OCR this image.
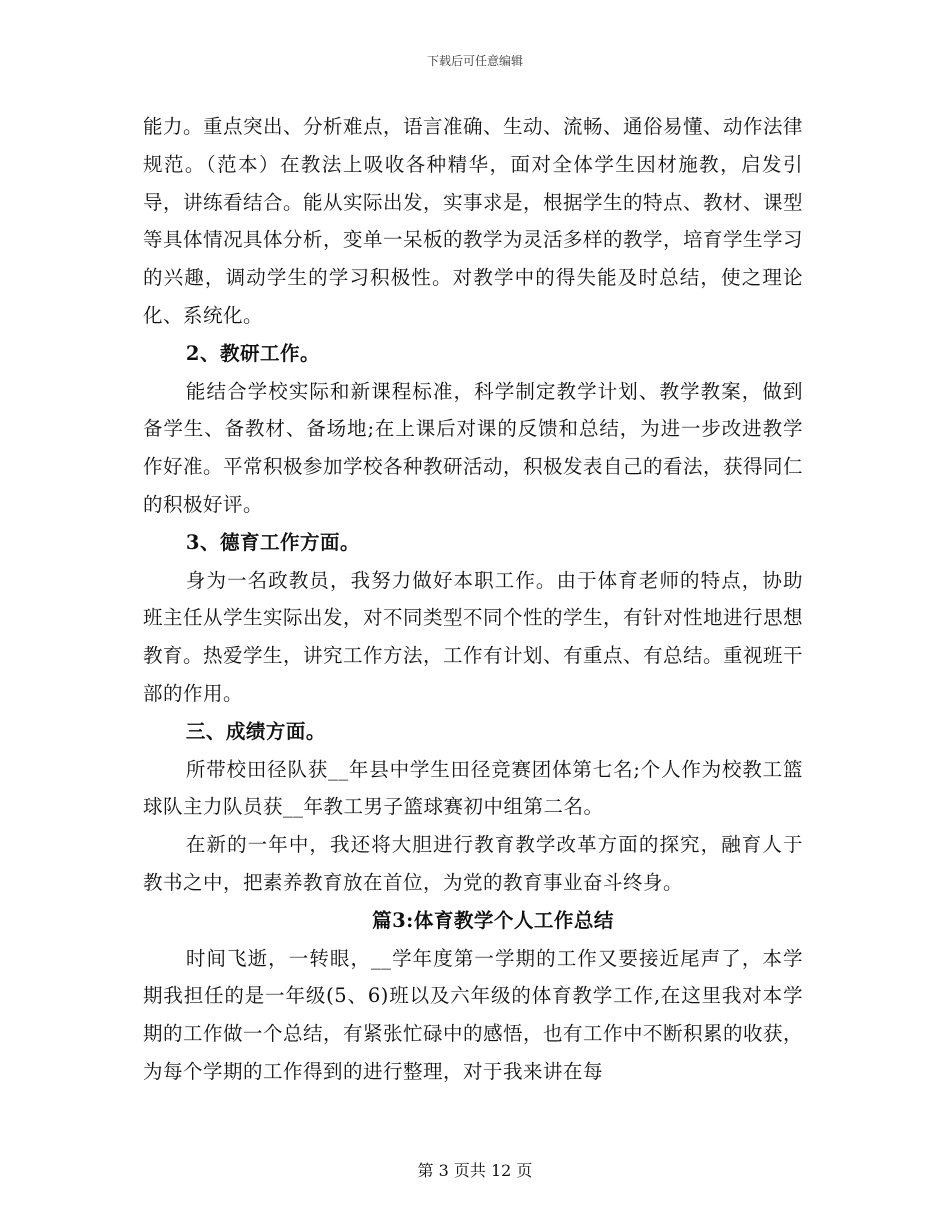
下载后可任意编辑

能力。重点突出、分析难点，语言准确、生动、流畅、通俗易懂、动作法律规范。（范本）在教法上吸收各种精华，面对全体学生因材施教，启发引导，讲练看结合。能从实际出发，实事求是，根据学生的特点、教材、课型等具体情况具体分析，变单一呆板的教学为灵活多样的教学，培育学生学习的兴趣，调动学生的学习积极性。对教学中的得失能及时总结，使之理论化、系统化。

2、教研工作。

能结合学校实际和新课程标准，科学制定教学计划、教学教案，做到备学生、备教材、备场地;在上课后对课的反馈和总结，为进一步改进教学作好准。平常积极参加学校各种教研活动，积极发表自己的看法，获得同仁的积极好评。

3、德育工作方面。

身为一名政教员，我努力做好本职工作。由于体育老师的特点，协助班主任从学生实际出发，对不同类型不同个性的学生，有针对性地进行思想教育。热爱学生，讲究工作方法，工作有计划、有重点、有总结。重视班干部的作用。

三、成绩方面。

所带校田径队获__年县中学生田径竞赛团体第七名;个人作为校教工篮球队主力队员获__年教工男子篮球赛初中组第二名。

在新的一年中，我还将大胆进行教育教学改革方面的探究，融育人于教书之中，把素养教育放在首位，为党的教育事业奋斗终身。

篇3:体育教学个人工作总结

时间飞逝，一转眼，__学年度第一学期的工作又要接近尾声了，本学期我担任的是一年级(5、6)班以及六年级的体育教学工作,在这里我对本学期的工作做一个总结，有紧张忙碌中的感悟，也有工作中不断积累的收获，为每个学期的工作得到的进行整理，对于我来讲在每

第 3 页共 12 页
